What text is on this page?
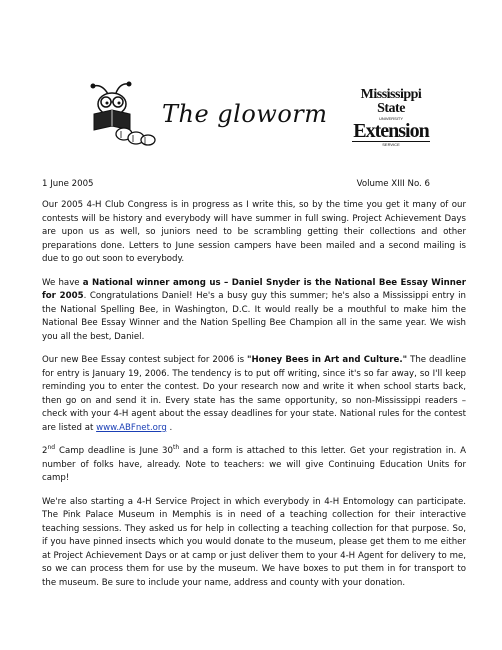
The gloworm
Mississippi State
UNIVERSITY
Extension
SERVICE
1 June 2005	Volume XIII No. 6

Our 2005 4-H Club Congress is in progress as I write this, so by the time you get it many of our contests will be history and everybody will have summer in full swing. Project Achievement Days are upon us as well, so juniors need to be scrambling getting their collections and other preparations done. Letters to June session campers have been mailed and a second mailing is due to go out soon to everybody.

We have a National winner among us – Daniel Snyder is the National Bee Essay Winner for 2005. Congratulations Daniel! He's a busy guy this summer; he's also a Mississippi entry in the National Spelling Bee, in Washington, D.C. It would really be a mouthful to make him the National Bee Essay Winner and the Nation Spelling Bee Champion all in the same year. We wish you all the best, Daniel.

Our new Bee Essay contest subject for 2006 is "Honey Bees in Art and Culture." The deadline for entry is January 19, 2006. The tendency is to put off writing, since it's so far away, so I'll keep reminding you to enter the contest. Do your research now and write it when school starts back, then go on and send it in. Every state has the same opportunity, so non-Mississippi readers – check with your 4-H agent about the essay deadlines for your state. National rules for the contest are listed at www.ABFnet.org .

2nd Camp deadline is June 30th and a form is attached to this letter. Get your registration in. A number of folks have, already. Note to teachers: we will give Continuing Education Units for camp!

We're also starting a 4-H Service Project in which everybody in 4-H Entomology can participate. The Pink Palace Museum in Memphis is in need of a teaching collection for their interactive teaching sessions. They asked us for help in collecting a teaching collection for that purpose. So, if you have pinned insects which you would donate to the museum, please get them to me either at Project Achievement Days or at camp or just deliver them to your 4-H Agent for delivery to me, so we can process them for use by the museum. We have boxes to put them in for transport to the museum. Be sure to include your name, address and county with your donation.
